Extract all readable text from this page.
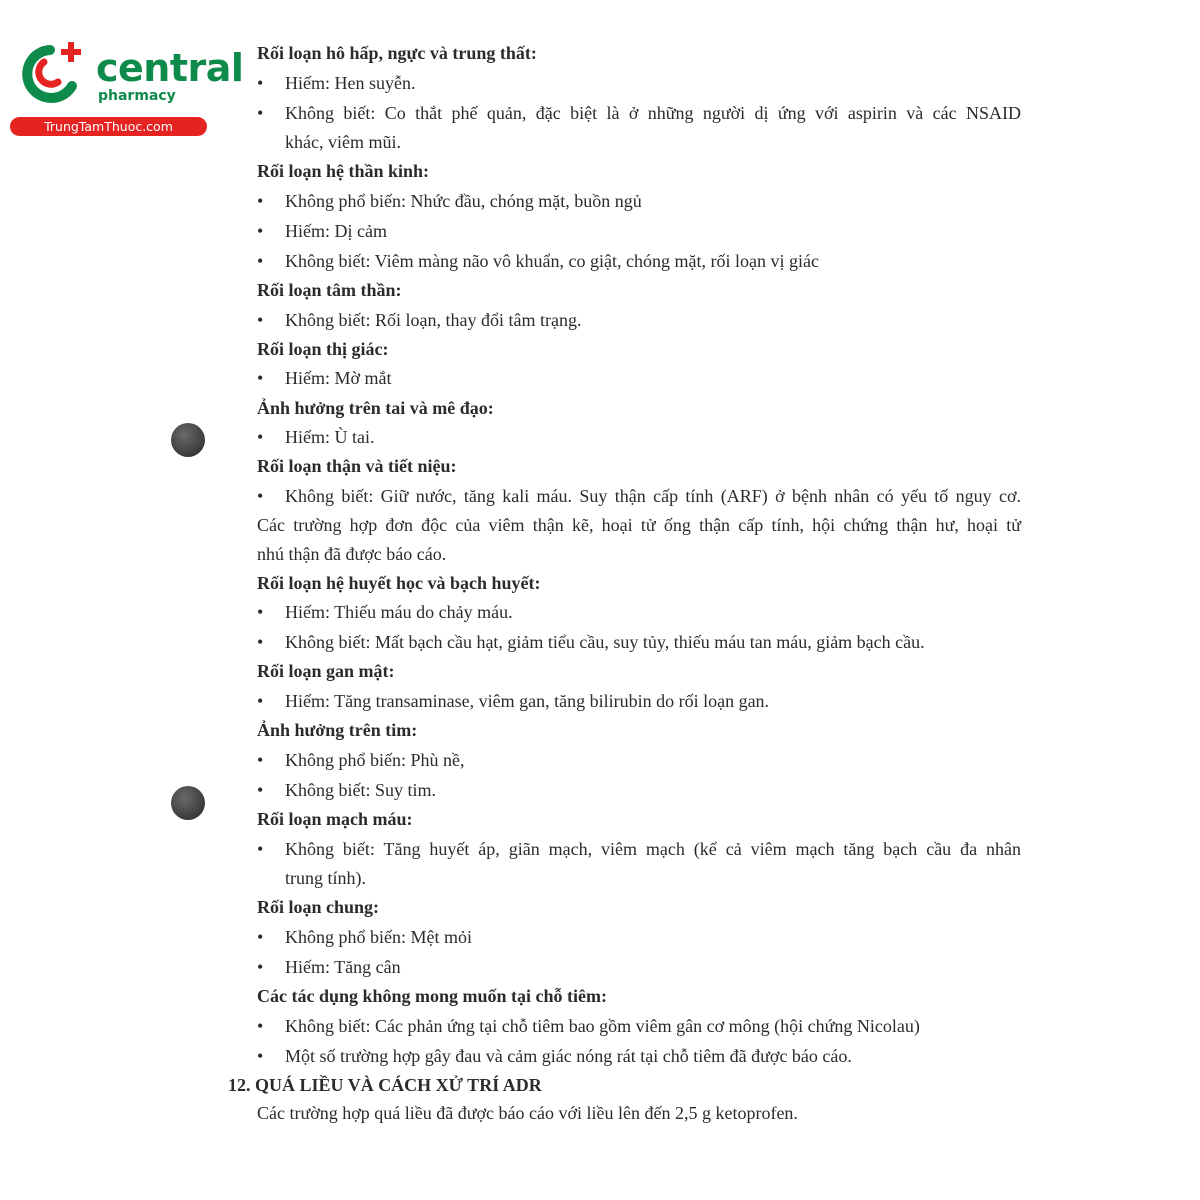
central
pharmacy
TrungTamThuoc.com
Rối loạn hô hấp, ngực và trung thất:
• Hiếm: Hen suyễn.
• Không biết: Co thắt phế quản, đặc biệt là ở những người dị ứng với aspirin và các NSAID
khác, viêm mũi.
Rối loạn hệ thần kinh:
• Không phổ biến: Nhức đầu, chóng mặt, buồn ngủ
• Hiếm: Dị cảm
• Không biết: Viêm màng não vô khuẩn, co giật, chóng mặt, rối loạn vị giác
Rối loạn tâm thần:
• Không biết: Rối loạn, thay đổi tâm trạng.
Rối loạn thị giác:
• Hiếm: Mờ mắt
Ảnh hưởng trên tai và mê đạo:
• Hiếm: Ù tai.
Rối loạn thận và tiết niệu:
• Không biết: Giữ nước, tăng kali máu. Suy thận cấp tính (ARF) ở bệnh nhân có yếu tố nguy cơ.
Các trường hợp đơn độc của viêm thận kẽ, hoại tử ống thận cấp tính, hội chứng thận hư, hoại tử
nhú thận đã được báo cáo.
Rối loạn hệ huyết học và bạch huyết:
• Hiếm: Thiếu máu do chảy máu.
• Không biết: Mất bạch cầu hạt, giảm tiểu cầu, suy tủy, thiếu máu tan máu, giảm bạch cầu.
Rối loạn gan mật:
• Hiếm: Tăng transaminase, viêm gan, tăng bilirubin do rối loạn gan.
Ảnh hưởng trên tim:
• Không phổ biến: Phù nề,
• Không biết: Suy tim.
Rối loạn mạch máu:
• Không biết: Tăng huyết áp, giãn mạch, viêm mạch (kể cả viêm mạch tăng bạch cầu đa nhân
trung tính).
Rối loạn chung:
• Không phổ biến: Mệt mỏi
• Hiếm: Tăng cân
Các tác dụng không mong muốn tại chỗ tiêm:
• Không biết: Các phản ứng tại chỗ tiêm bao gồm viêm gân cơ mông (hội chứng Nicolau)
• Một số trường hợp gây đau và cảm giác nóng rát tại chỗ tiêm đã được báo cáo.
12. QUÁ LIỀU VÀ CÁCH XỬ TRÍ ADR
Các trường hợp quá liều đã được báo cáo với liều lên đến 2,5 g ketoprofen.
